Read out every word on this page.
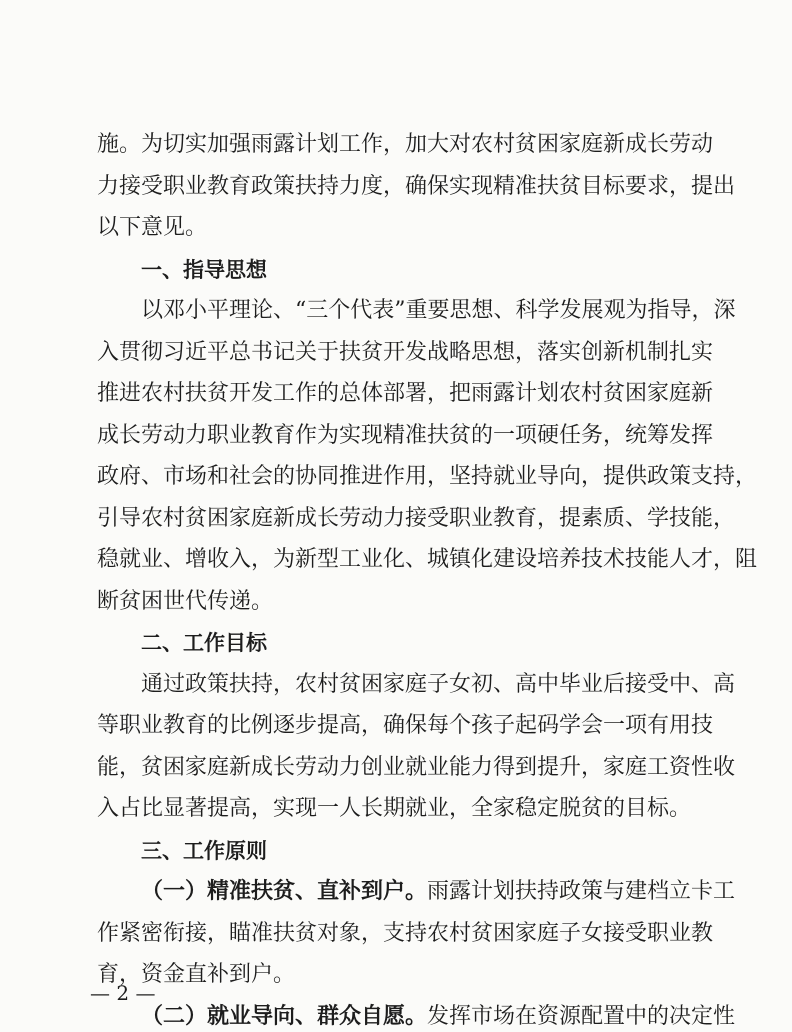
施。为切实加强雨露计划工作，加大对农村贫困家庭新成长劳动
力接受职业教育政策扶持力度，确保实现精准扶贫目标要求，提出
以下意见。
一、指导思想
以邓小平理论、“三个代表”重要思想、科学发展观为指导，深
入贯彻习近平总书记关于扶贫开发战略思想，落实创新机制扎实
推进农村扶贫开发工作的总体部署，把雨露计划农村贫困家庭新
成长劳动力职业教育作为实现精准扶贫的一项硬任务，统筹发挥
政府、市场和社会的协同推进作用，坚持就业导向，提供政策支持，
引导农村贫困家庭新成长劳动力接受职业教育，提素质、学技能，
稳就业、增收入，为新型工业化、城镇化建设培养技术技能人才，阻
断贫困世代传递。
二、工作目标
通过政策扶持，农村贫困家庭子女初、高中毕业后接受中、高
等职业教育的比例逐步提高，确保每个孩子起码学会一项有用技
能，贫困家庭新成长劳动力创业就业能力得到提升，家庭工资性收
入占比显著提高，实现一人长期就业，全家稳定脱贫的目标。
三、工作原则
（一）精准扶贫、直补到户。雨露计划扶持政策与建档立卡工
作紧密衔接，瞄准扶贫对象，支持农村贫困家庭子女接受职业教
育，资金直补到户。
（二）就业导向、群众自愿。发挥市场在资源配置中的决定性
— 2 —
